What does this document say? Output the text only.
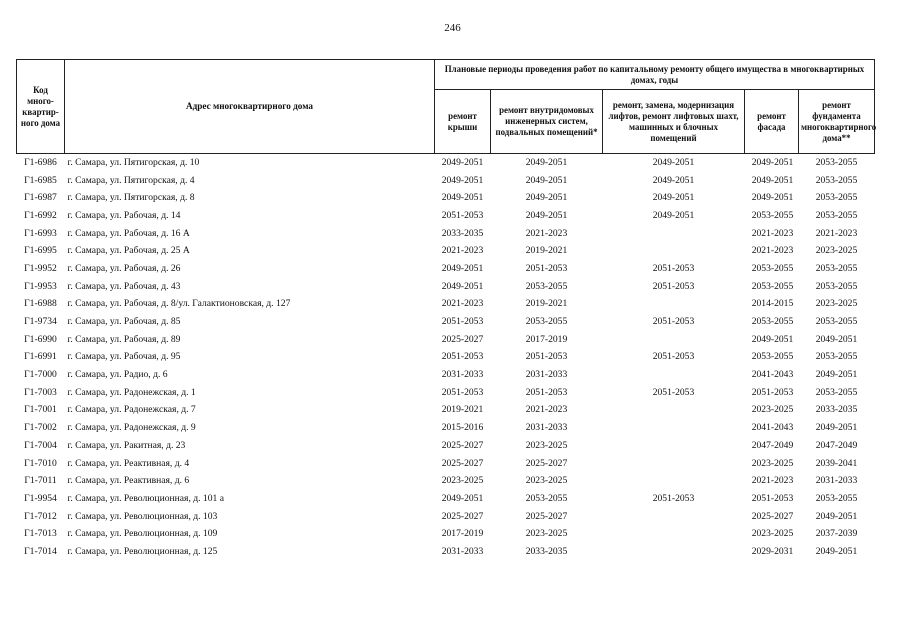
246
Код много-квартир-ного дома	Адрес многоквартирного дома	Плановые периоды проведения работ по капитальному ремонту общего имущества в многоквартирных домах, годы				
		ремонт крыши	ремонт внутридомовых инженерных систем, подвальных помещений*	ремонт, замена, модернизация лифтов, ремонт лифтовых шахт, машинных и блочных помещений	ремонт фасада	ремонт фундамента многоквартирного дома**
Г1-6986	г. Самара, ул. Пятигорская, д. 10	2049-2051	2049-2051	2049-2051	2049-2051	2053-2055
Г1-6985	г. Самара, ул. Пятигорская, д. 4	2049-2051	2049-2051	2049-2051	2049-2051	2053-2055
Г1-6987	г. Самара, ул. Пятигорская, д. 8	2049-2051	2049-2051	2049-2051	2049-2051	2053-2055
Г1-6992	г. Самара, ул. Рабочая, д. 14	2051-2053	2049-2051	2049-2051	2053-2055	2053-2055
Г1-6993	г. Самара, ул. Рабочая, д. 16 А	2033-2035	2021-2023		2021-2023	2021-2023
Г1-6995	г. Самара, ул. Рабочая, д. 25 А	2021-2023	2019-2021		2021-2023	2023-2025
Г1-9952	г. Самара, ул. Рабочая, д. 26	2049-2051	2051-2053	2051-2053	2053-2055	2053-2055
Г1-9953	г. Самара, ул. Рабочая, д. 43	2049-2051	2053-2055	2051-2053	2053-2055	2053-2055
Г1-6988	г. Самара, ул. Рабочая, д. 8/ул. Галактионовская, д. 127	2021-2023	2019-2021		2014-2015	2023-2025
Г1-9734	г. Самара, ул. Рабочая, д. 85	2051-2053	2053-2055	2051-2053	2053-2055	2053-2055
Г1-6990	г. Самара, ул. Рабочая, д. 89	2025-2027	2017-2019		2049-2051	2049-2051
Г1-6991	г. Самара, ул. Рабочая, д. 95	2051-2053	2051-2053	2051-2053	2053-2055	2053-2055
Г1-7000	г. Самара, ул. Радио, д. 6	2031-2033	2031-2033		2041-2043	2049-2051
Г1-7003	г. Самара, ул. Радонежская, д. 1	2051-2053	2051-2053	2051-2053	2051-2053	2053-2055
Г1-7001	г. Самара, ул. Радонежская, д. 7	2019-2021	2021-2023		2023-2025	2033-2035
Г1-7002	г. Самара, ул. Радонежская, д. 9	2015-2016	2031-2033		2041-2043	2049-2051
Г1-7004	г. Самара, ул. Ракитная, д. 23	2025-2027	2023-2025		2047-2049	2047-2049
Г1-7010	г. Самара, ул. Реактивная, д. 4	2025-2027	2025-2027		2023-2025	2039-2041
Г1-7011	г. Самара, ул. Реактивная, д. 6	2023-2025	2023-2025		2021-2023	2031-2033
Г1-9954	г. Самара, ул. Революционная, д. 101 а	2049-2051	2053-2055	2051-2053	2051-2053	2053-2055
Г1-7012	г. Самара, ул. Революционная, д. 103	2025-2027	2025-2027		2025-2027	2049-2051
Г1-7013	г. Самара, ул. Революционная, д. 109	2017-2019	2023-2025		2023-2025	2037-2039
Г1-7014	г. Самара, ул. Революционная, д. 125	2031-2033	2033-2035		2029-2031	2049-2051
